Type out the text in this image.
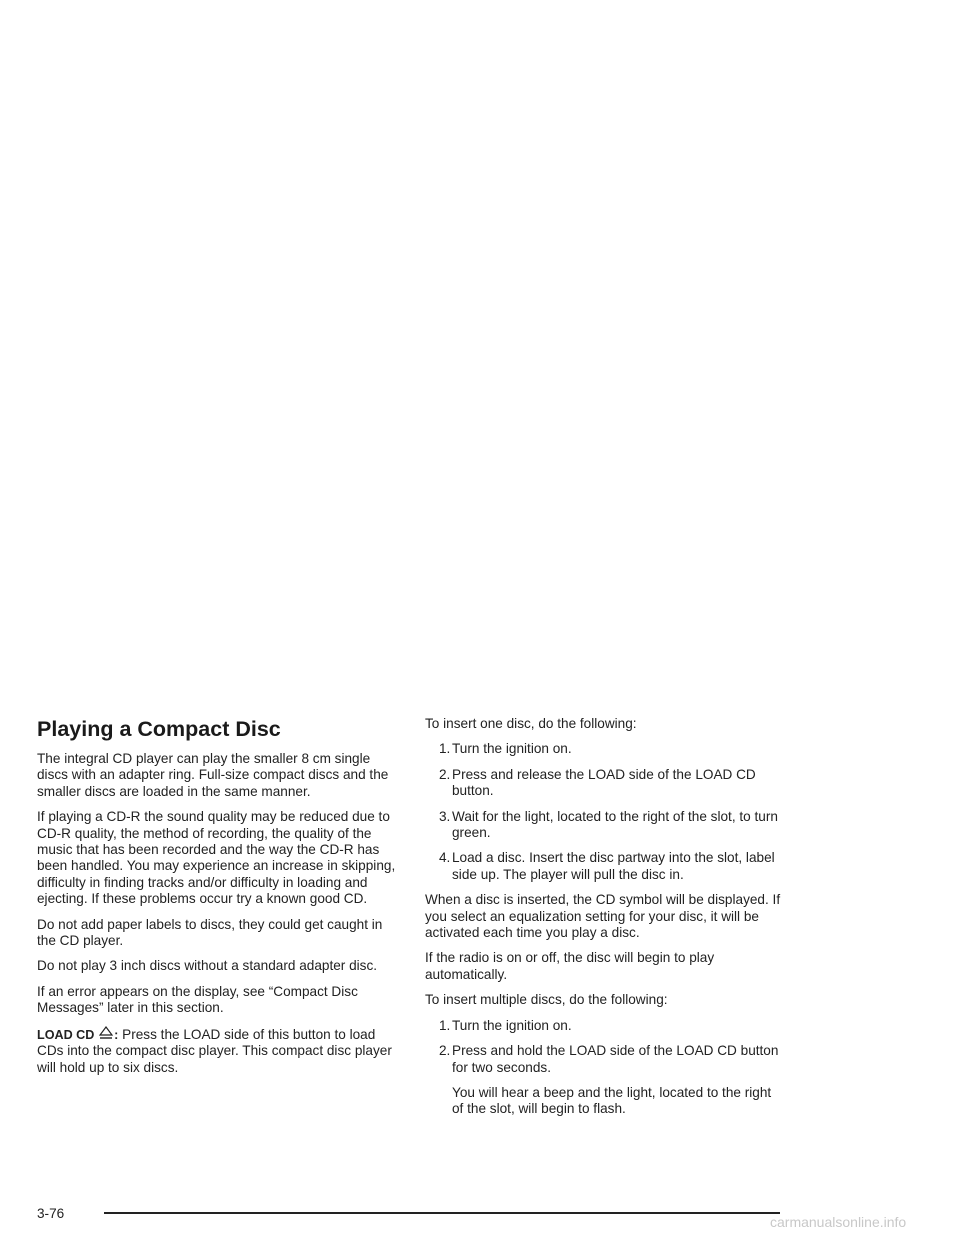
Playing a Compact Disc

The integral CD player can play the smaller 8 cm single discs with an adapter ring. Full-size compact discs and the smaller discs are loaded in the same manner.

If playing a CD-R the sound quality may be reduced due to CD-R quality, the method of recording, the quality of the music that has been recorded and the way the CD-R has been handled. You may experience an increase in skipping, difficulty in finding tracks and/or difficulty in loading and ejecting. If these problems occur try a known good CD.

Do not add paper labels to discs, they could get caught in the CD player.

Do not play 3 inch discs without a standard adapter disc.

If an error appears on the display, see “Compact Disc Messages” later in this section.

LOAD CD : Press the LOAD side of this button to load CDs into the compact disc player. This compact disc player will hold up to six discs.

To insert one disc, do the following:

1. Turn the ignition on.
2. Press and release the LOAD side of the LOAD CD button.
3. Wait for the light, located to the right of the slot, to turn green.
4. Load a disc. Insert the disc partway into the slot, label side up. The player will pull the disc in.

When a disc is inserted, the CD symbol will be displayed. If you select an equalization setting for your disc, it will be activated each time you play a disc.

If the radio is on or off, the disc will begin to play automatically.

To insert multiple discs, do the following:

1. Turn the ignition on.
2. Press and hold the LOAD side of the LOAD CD button for two seconds.

You will hear a beep and the light, located to the right of the slot, will begin to flash.

3-76
carmanualsonline.info
